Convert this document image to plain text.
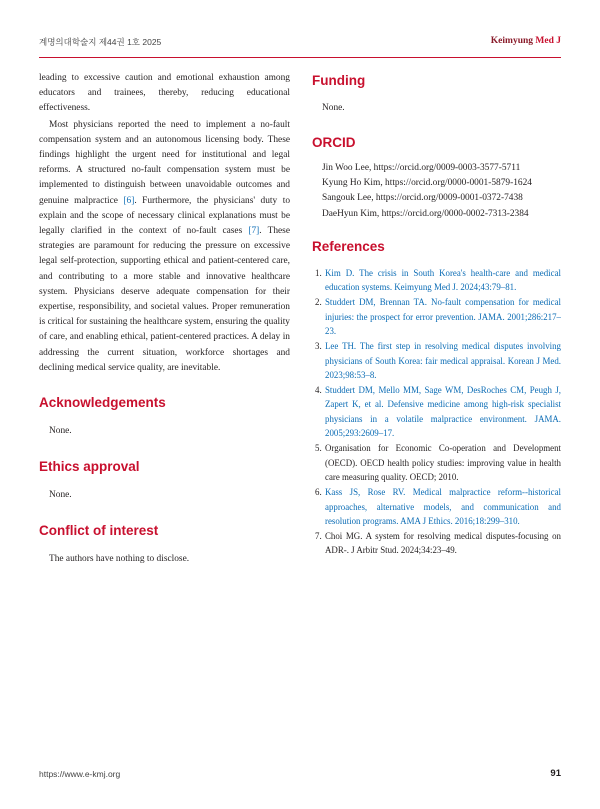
계명의대학술지 제44권 1호 2025	Keimyung Med J

leading to excessive caution and emotional exhaustion among educators and trainees, thereby, reducing educational effectiveness.

Most physicians reported the need to implement a no-fault compensation system and an autonomous licensing body. These findings highlight the urgent need for institutional and legal reforms. A structured no-fault compensation system must be implemented to distinguish between unavoidable outcomes and genuine malpractice [6]. Furthermore, the physicians' duty to explain and the scope of necessary clinical explanations must be legally clarified in the context of no-fault cases [7]. These strategies are paramount for reducing the pressure on excessive legal self-protection, supporting ethical and patient-centered care, and contributing to a more stable and innovative healthcare system. Physicians deserve adequate compensation for their expertise, responsibility, and societal values. Proper remuneration is critical for sustaining the healthcare system, ensuring the quality of care, and enabling ethical, patient-centered practices. A delay in addressing the current situation, workforce shortages and declining medical service quality, are inevitable.

Acknowledgements
None.
Ethics approval
None.
Conflict of interest
The authors have nothing to disclose.
Funding
None.
ORCID
Jin Woo Lee, https://orcid.org/0009-0003-3577-5711
Kyung Ho Kim, https://orcid.org/0000-0001-5879-1624
Sangouk Lee, https://orcid.org/0009-0001-0372-7438
DaeHyun Kim, https://orcid.org/0000-0002-7313-2384
References
1. Kim D. The crisis in South Korea's health-care and medical education systems. Keimyung Med J. 2024;43:79–81.
2. Studdert DM, Brennan TA. No-fault compensation for medical injuries: the prospect for error prevention. JAMA. 2001;286:217–23.
3. Lee TH. The first step in resolving medical disputes involving physicians of South Korea: fair medical appraisal. Korean J Med. 2023;98:53–8.
4. Studdert DM, Mello MM, Sage WM, DesRoches CM, Peugh J, Zapert K, et al. Defensive medicine among high-risk specialist physicians in a volatile malpractice environment. JAMA. 2005;293:2609–17.
5. Organisation for Economic Co-operation and Development (OECD). OECD health policy studies: improving value in health care measuring quality. OECD; 2010.
6. Kass JS, Rose RV. Medical malpractice reform--historical approaches, alternative models, and communication and resolution programs. AMA J Ethics. 2016;18:299–310.
7. Choi MG. A system for resolving medical disputes-focusing on ADR-. J Arbitr Stud. 2024;34:23–49.
https://www.e-kmj.org	91
